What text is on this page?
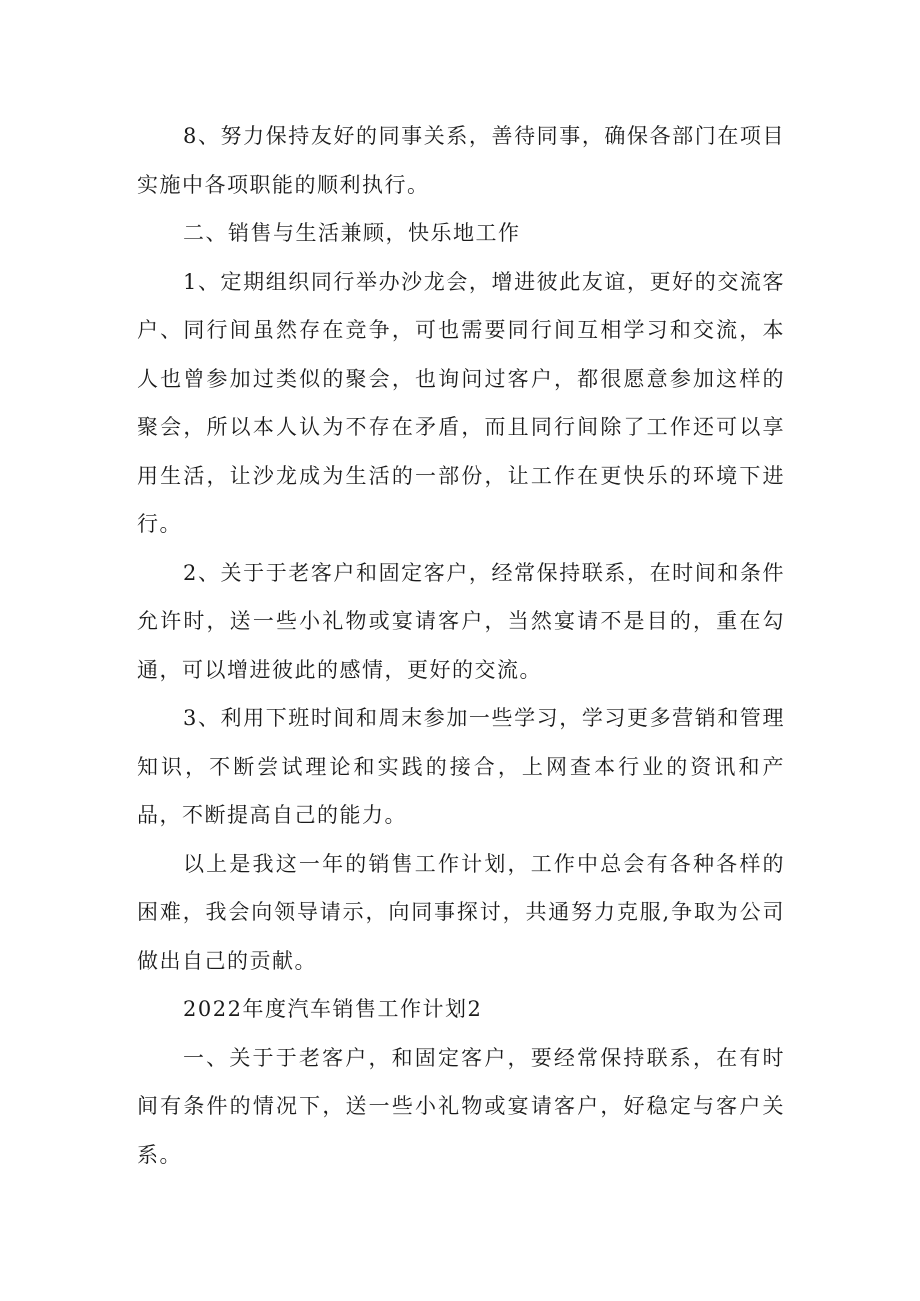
8、努力保持友好的同事关系，善待同事，确保各部门在项目实施中各项职能的顺利执行。

二、销售与生活兼顾，快乐地工作

1、定期组织同行举办沙龙会，增进彼此友谊，更好的交流客户、同行间虽然存在竞争，可也需要同行间互相学习和交流，本人也曾参加过类似的聚会，也询问过客户，都很愿意参加这样的聚会，所以本人认为不存在矛盾，而且同行间除了工作还可以享用生活，让沙龙成为生活的一部份，让工作在更快乐的环境下进行。

2、关于于老客户和固定客户，经常保持联系，在时间和条件允许时，送一些小礼物或宴请客户，当然宴请不是目的，重在勾通，可以增进彼此的感情，更好的交流。

3、利用下班时间和周末参加一些学习，学习更多营销和管理知识，不断尝试理论和实践的接合，上网查本行业的资讯和产品，不断提高自己的能力。

以上是我这一年的销售工作计划，工作中总会有各种各样的困难，我会向领导请示，向同事探讨，共通努力克服,争取为公司做出自己的贡献。

2022年度汽车销售工作计划2

一、关于于老客户，和固定客户，要经常保持联系，在有时间有条件的情况下，送一些小礼物或宴请客户，好稳定与客户关系。
